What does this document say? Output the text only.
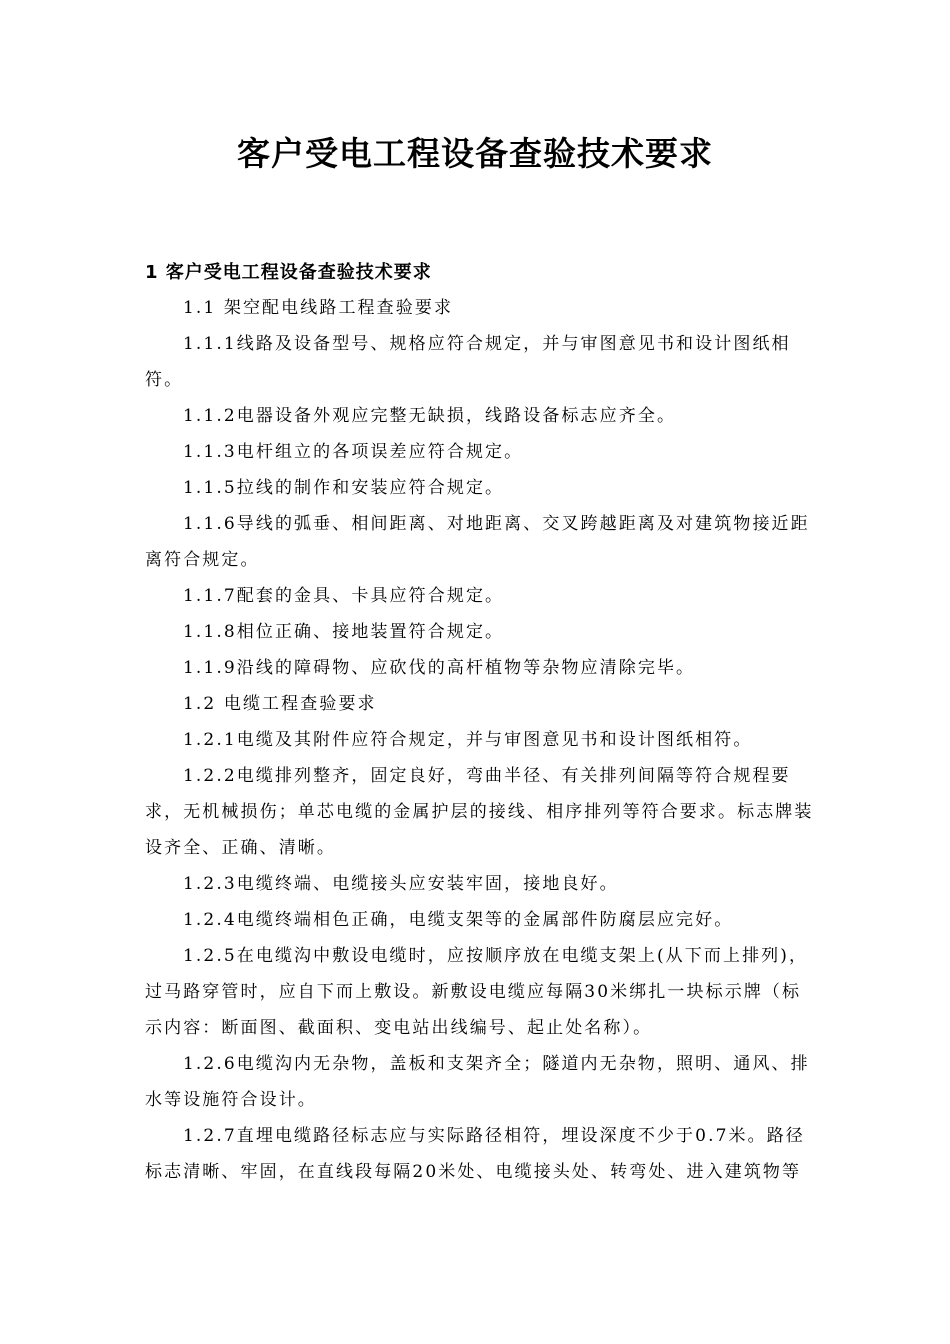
客户受电工程设备查验技术要求
1 客户受电工程设备查验技术要求

1.1 架空配电线路工程查验要求

1.1.1线路及设备型号、规格应符合规定，并与审图意见书和设计图纸相符。

1.1.2电器设备外观应完整无缺损，线路设备标志应齐全。

1.1.3电杆组立的各项误差应符合规定。

1.1.5拉线的制作和安装应符合规定。

1.1.6导线的弧垂、相间距离、对地距离、交叉跨越距离及对建筑物接近距离符合规定。

1.1.7配套的金具、卡具应符合规定。

1.1.8相位正确、接地装置符合规定。

1.1.9沿线的障碍物、应砍伐的高杆植物等杂物应清除完毕。

1.2 电缆工程查验要求

1.2.1电缆及其附件应符合规定，并与审图意见书和设计图纸相符。

1.2.2电缆排列整齐，固定良好，弯曲半径、有关排列间隔等符合规程要求，无机械损伤；单芯电缆的金属护层的接线、相序排列等符合要求。标志牌装设齐全、正确、清晰。

1.2.3电缆终端、电缆接头应安装牢固，接地良好。

1.2.4电缆终端相色正确，电缆支架等的金属部件防腐层应完好。

1.2.5在电缆沟中敷设电缆时，应按顺序放在电缆支架上(从下而上排列)，过马路穿管时，应自下而上敷设。新敷设电缆应每隔30米绑扎一块标示牌（标示内容：断面图、截面积、变电站出线编号、起止处名称）。

1.2.6电缆沟内无杂物，盖板和支架齐全；隧道内无杂物，照明、通风、排水等设施符合设计。

1.2.7直埋电缆路径标志应与实际路径相符，埋设深度不少于0.7米。路径标志清晰、牢固，在直线段每隔20米处、电缆接头处、转弯处、进入建筑物等
